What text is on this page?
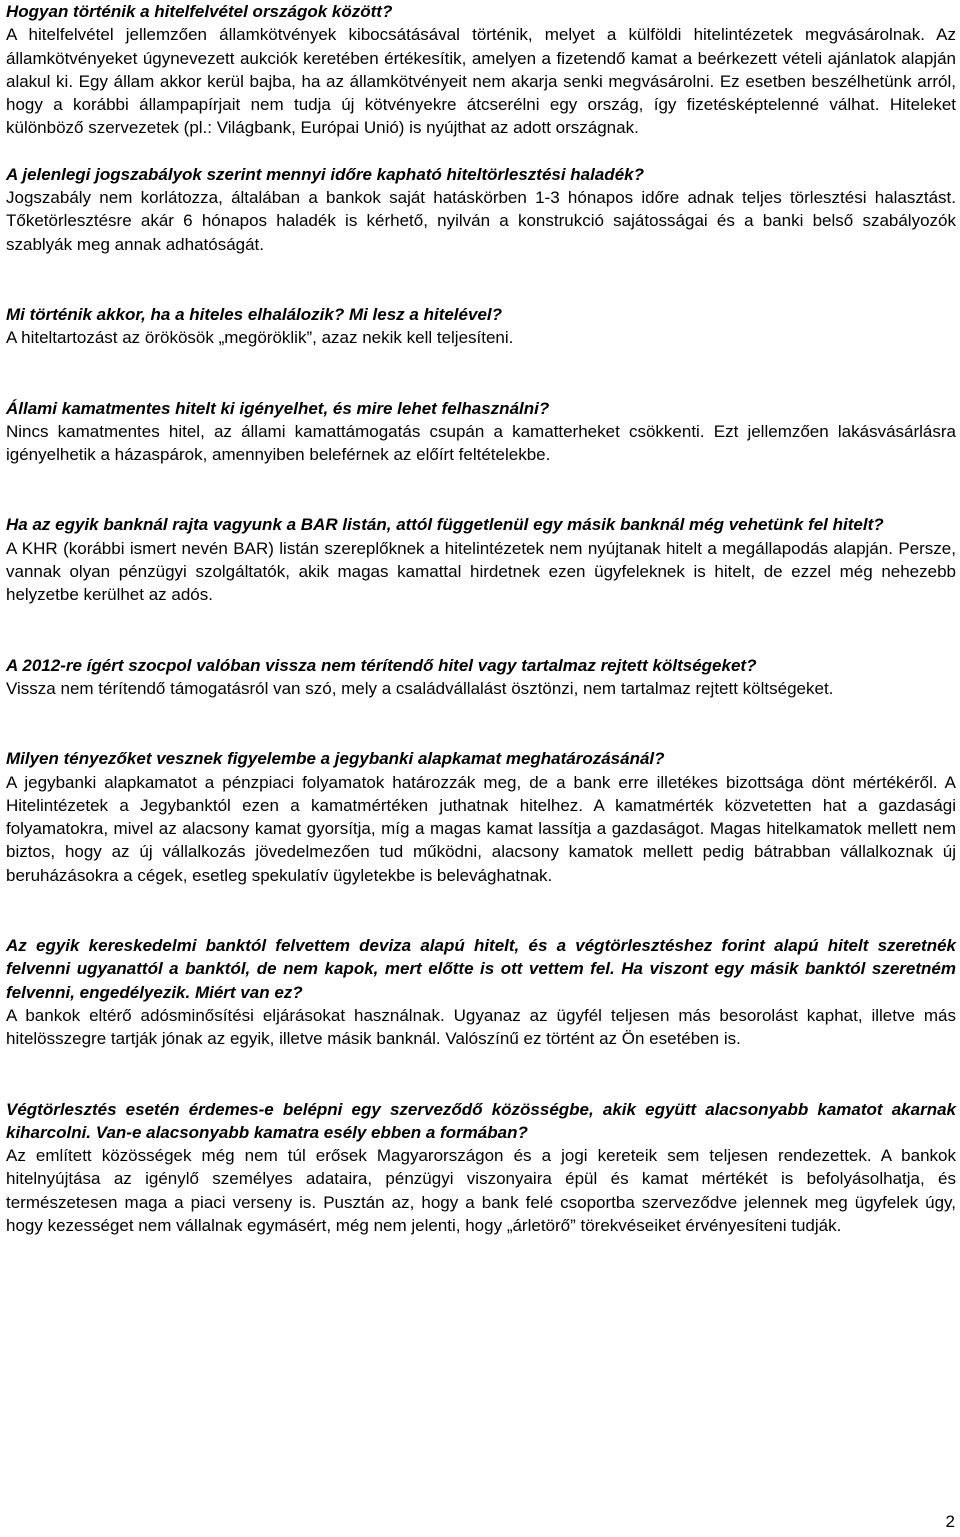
Hogyan történik a hitelfelvétel országok között?

A hitelfelvétel jellemzően államkötvények kibocsátásával történik, melyet a külföldi hitelintézetek megvásárolnak. Az államkötvényeket úgynevezett aukciók keretében értékesítik, amelyen a fizetendő kamat a beérkezett vételi ajánlatok alapján alakul ki. Egy állam akkor kerül bajba, ha az államkötvényeit nem akarja senki megvásárolni. Ez esetben beszélhetünk arról, hogy a korábbi állampapírjait nem tudja új kötvényekre átcserélni egy ország, így fizetésképtelenné válhat. Hiteleket különböző szervezetek (pl.: Világbank, Európai Unió) is nyújthat az adott országnak.

A jelenlegi jogszabályok szerint mennyi időre kapható hiteltörlesztési haladék?

Jogszabály nem korlátozza, általában a bankok saját hatáskörben 1-3 hónapos időre adnak teljes törlesztési halasztást. Tőketörlesztésre akár 6 hónapos haladék is kérhető, nyilván a konstrukció sajátosságai és a banki belső szabályozók szablyák meg annak adhatóságát.

Mi történik akkor, ha a hiteles elhalálozik? Mi lesz a hitelével?

A hiteltartozást az örökösök „megöröklik”, azaz nekik kell teljesíteni.

Állami kamatmentes hitelt ki igényelhet, és mire lehet felhasználni?

Nincs kamatmentes hitel, az állami kamattámogatás csupán a kamatterheket csökkenti. Ezt jellemzően lakásvásárlásra igényelhetik a házaspárok, amennyiben beleférnek az előírt feltételekbe.

Ha az egyik banknál rajta vagyunk a BAR listán, attól függetlenül egy másik banknál még vehetünk fel hitelt?

A KHR (korábbi ismert nevén BAR) listán szereplőknek a hitelintézetek nem nyújtanak hitelt a megállapodás alapján. Persze, vannak olyan pénzügyi szolgáltatók, akik magas kamattal hirdetnek ezen ügyfeleknek is hitelt, de ezzel még nehezebb helyzetbe kerülhet az adós.

A 2012-re ígért szocpol valóban vissza nem térítendő hitel vagy tartalmaz rejtett költségeket?

Vissza nem térítendő támogatásról van szó, mely a családvállalást ösztönzi, nem tartalmaz rejtett költségeket.

Milyen tényezőket vesznek figyelembe a jegybanki alapkamat meghatározásánál?

A jegybanki alapkamatot a pénzpiaci folyamatok határozzák meg, de a bank erre illetékes bizottsága dönt mértékéről. A Hitelintézetek a Jegybanktól ezen a kamatmértéken juthatnak hitelhez. A kamatmérték közvetetten hat a gazdasági folyamatokra, mivel az alacsony kamat gyorsítja, míg a magas kamat lassítja a gazdaságot. Magas hitelkamatok mellett nem biztos, hogy az új vállalkozás jövedelmezően tud működni, alacsony kamatok mellett pedig bátrabban vállalkoznak új beruházásokra a cégek, esetleg spekulatív ügyletekbe is belevághatnak.

Az egyik kereskedelmi banktól felvettem deviza alapú hitelt, és a végtörlesztéshez forint alapú hitelt szeretnék felvenni ugyanattól a banktól, de nem kapok, mert előtte is ott vettem fel. Ha viszont egy másik banktól szeretném felvenni, engedélyezik. Miért van ez?

A bankok eltérő adósminősítési eljárásokat használnak. Ugyanaz az ügyfél teljesen más besorolást kaphat, illetve más hitelösszegre tartják jónak az egyik, illetve másik banknál. Valószínű ez történt az Ön esetében is.

Végtörlesztés esetén érdemes-e belépni egy szerveződő közösségbe, akik együtt alacsonyabb kamatot akarnak kiharcolni. Van-e alacsonyabb kamatra esély ebben a formában?

Az említett közösségek még nem túl erősek Magyarországon és a jogi kereteik sem teljesen rendezettek. A bankok hitelnyújtása az igénylő személyes adataira, pénzügyi viszonyaira épül és kamat mértékét is befolyásolhatja, és természetesen maga a piaci verseny is. Pusztán az, hogy a bank felé csoportba szerveződve jelennek meg ügyfelek úgy, hogy kezességet nem vállalnak egymásért, még nem jelenti, hogy „árletörő” törekvéseiket érvényesíteni tudják.

2
